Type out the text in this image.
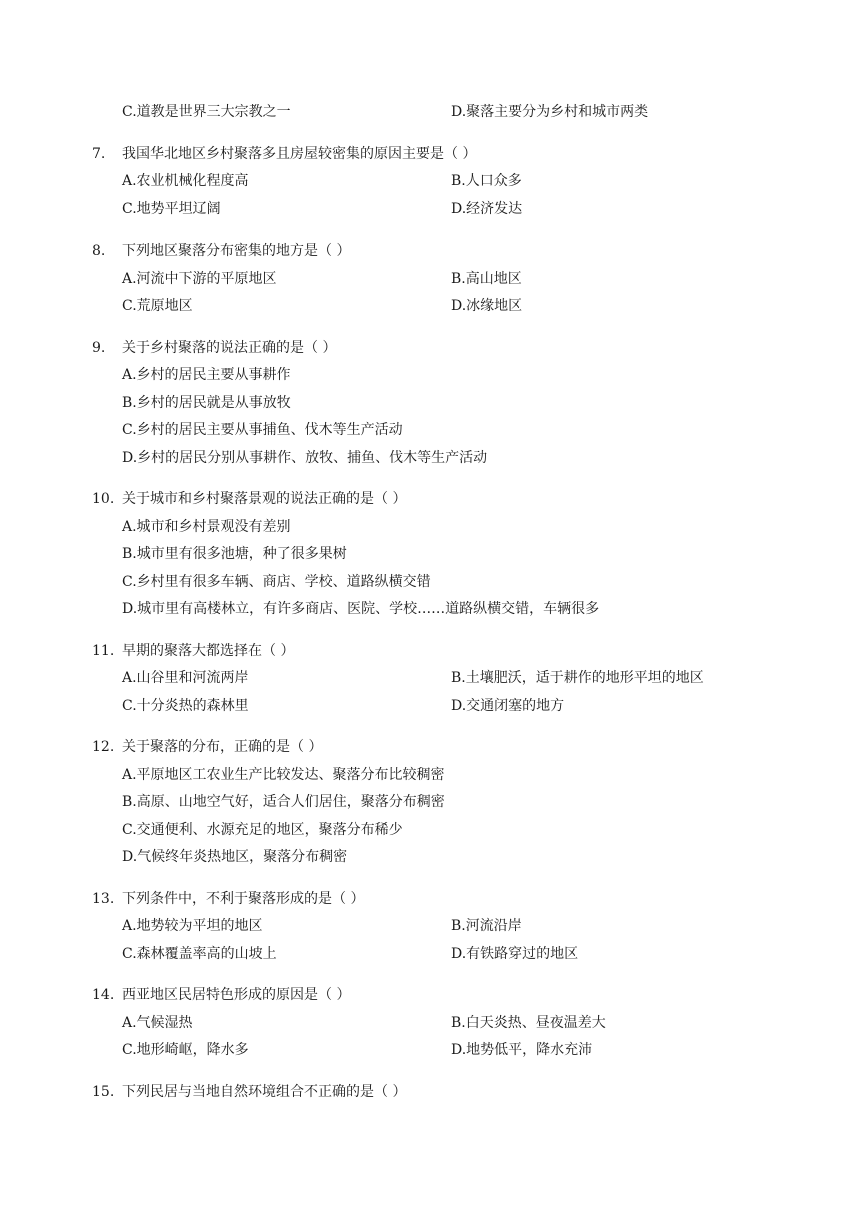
C.道教是世界三大宗教之一	D.聚落主要分为乡村和城市两类
7.	我国华北地区乡村聚落多且房屋较密集的原因主要是（ ）
A.农业机械化程度高	B.人口众多
C.地势平坦辽阔	D.经济发达
8.	下列地区聚落分布密集的地方是（ ）
A.河流中下游的平原地区	B.高山地区
C.荒原地区	D.冰缘地区
9.	关于乡村聚落的说法正确的是（ ）
A.乡村的居民主要从事耕作
B.乡村的居民就是从事放牧
C.乡村的居民主要从事捕鱼、伐木等生产活动
D.乡村的居民分别从事耕作、放牧、捕鱼、伐木等生产活动
10. 关于城市和乡村聚落景观的说法正确的是（ ）
A.城市和乡村景观没有差别
B.城市里有很多池塘，种了很多果树
C.乡村里有很多车辆、商店、学校、道路纵横交错
D.城市里有高楼林立，有许多商店、医院、学校……道路纵横交错，车辆很多
11. 早期的聚落大都选择在（ ）
A.山谷里和河流两岸	B.土壤肥沃，适于耕作的地形平坦的地区
C.十分炎热的森林里	D.交通闭塞的地方
12. 关于聚落的分布，正确的是（ ）
A.平原地区工农业生产比较发达、聚落分布比较稠密
B.高原、山地空气好，适合人们居住，聚落分布稠密
C.交通便利、水源充足的地区，聚落分布稀少
D.气候终年炎热地区，聚落分布稠密
13. 下列条件中，不利于聚落形成的是（ ）
A.地势较为平坦的地区	B.河流沿岸
C.森林覆盖率高的山坡上	D.有铁路穿过的地区
14. 西亚地区民居特色形成的原因是（ ）
A.气候湿热	B.白天炎热、昼夜温差大
C.地形崎岖，降水多	D.地势低平，降水充沛
15. 下列民居与当地自然环境组合不正确的是（ ）
